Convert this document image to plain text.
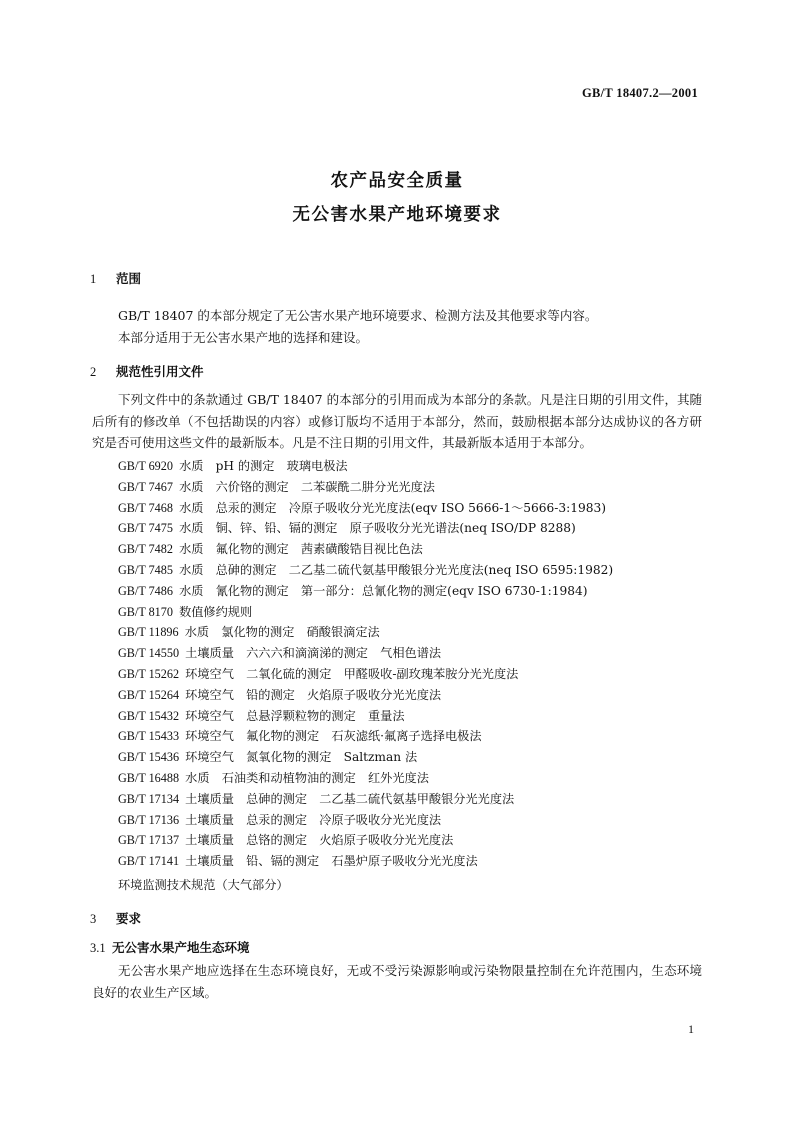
GB/T 18407.2—2001
农产品安全质量
无公害水果产地环境要求
1 范围

GB/T 18407 的本部分规定了无公害水果产地环境要求、检测方法及其他要求等内容。

本部分适用于无公害水果产地的选择和建设。

2 规范性引用文件

下列文件中的条款通过 GB/T 18407 的本部分的引用而成为本部分的条款。凡是注日期的引用文件，其随后所有的修改单（不包括勘误的内容）或修订版均不适用于本部分，然而，鼓励根据本部分达成协议的各方研究是否可使用这些文件的最新版本。凡是不注日期的引用文件，其最新版本适用于本部分。

GB/T 6920 水质　pH 的测定　玻璃电极法
GB/T 7467 水质　六价铬的测定　二苯碳酰二肼分光光度法
GB/T 7468 水质　总汞的测定　冷原子吸收分光光度法(eqv ISO 5666-1～5666-3:1983)
GB/T 7475 水质　铜、锌、铅、镉的测定　原子吸收分光光谱法(neq ISO/DP 8288)
GB/T 7482 水质　氟化物的测定　茜素磺酸锆目视比色法
GB/T 7485 水质　总砷的测定　二乙基二硫代氨基甲酸银分光光度法(neq ISO 6595:1982)
GB/T 7486 水质　氰化物的测定　第一部分：总氰化物的测定(eqv ISO 6730-1:1984)
GB/T 8170 数值修约规则
GB/T 11896 水质　氯化物的测定　硝酸银滴定法
GB/T 14550 土壤质量　六六六和滴滴涕的测定　气相色谱法
GB/T 15262 环境空气　二氧化硫的测定　甲醛吸收-副玫瑰苯胺分光光度法
GB/T 15264 环境空气　铅的测定　火焰原子吸收分光光度法
GB/T 15432 环境空气　总悬浮颗粒物的测定　重量法
GB/T 15433 环境空气　氟化物的测定　石灰滤纸·氟离子选择电极法
GB/T 15436 环境空气　氮氧化物的测定　Saltzman 法
GB/T 16488 水质　石油类和动植物油的测定　红外光度法
GB/T 17134 土壤质量　总砷的测定　二乙基二硫代氨基甲酸银分光光度法
GB/T 17136 土壤质量　总汞的测定　冷原子吸收分光光度法
GB/T 17137 土壤质量　总铬的测定　火焰原子吸收分光光度法
GB/T 17141 土壤质量　铅、镉的测定　石墨炉原子吸收分光光度法
环境监测技术规范（大气部分）
3 要求
3.1 无公害水果产地生态环境

无公害水果产地应选择在生态环境良好，无或不受污染源影响或污染物限量控制在允许范围内，生态环境良好的农业生产区域。

1
